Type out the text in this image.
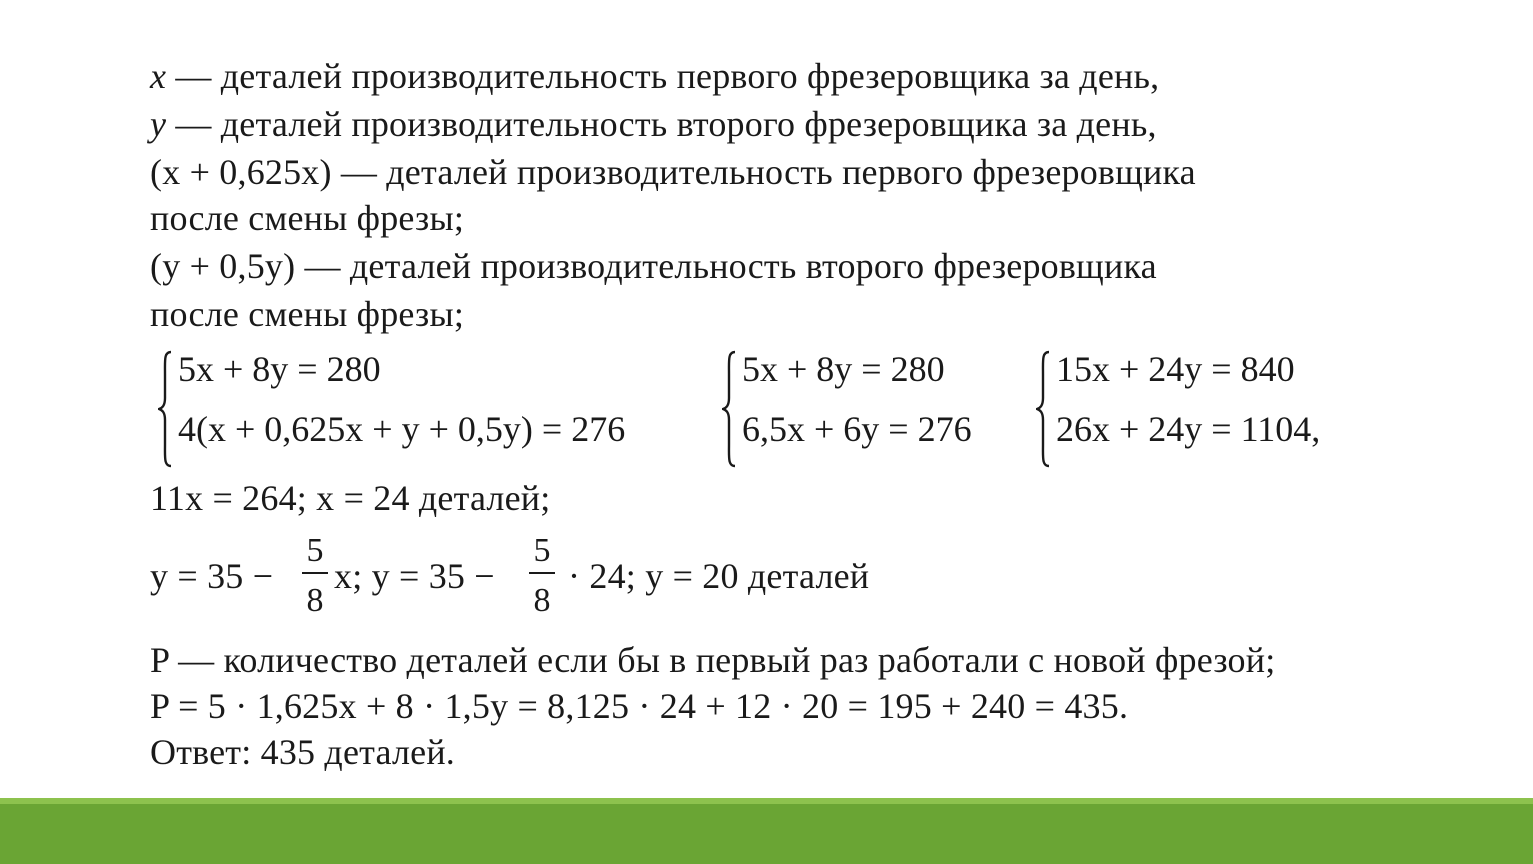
x — деталей производительность первого фрезеровщика за день,
y — деталей производительность второго фрезеровщика за день,
(x + 0,625x) — деталей производительность первого фрезеровщика
после смены фрезы;
(y + 0,5y) — деталей производительность второго фрезеровщика
после смены фрезы;
5x + 8y = 280
4(x + 0,625x + y + 0,5y) = 276
5x + 8y = 280
6,5x + 6y = 276
15x + 24y = 840
26x + 24y = 1104,
11x = 264; x = 24 деталей;
y = 35 −
5
8
x; y = 35 −
5
8
· 24; y = 20 деталей
P — количество деталей если бы в первый раз работали с новой фрезой;
P = 5 · 1,625x + 8 · 1,5y = 8,125 · 24 + 12 · 20 = 195 + 240 = 435.
Ответ: 435 деталей.
